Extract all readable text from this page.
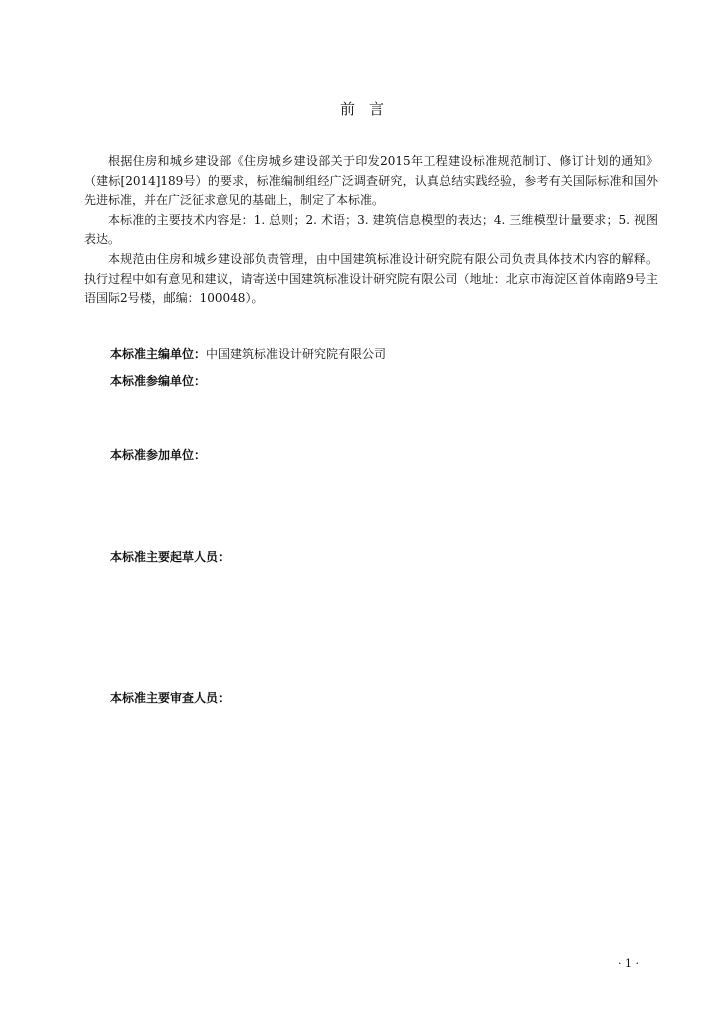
前言

根据住房和城乡建设部《住房城乡建设部关于印发2015年工程建设标准规范制订、修订计划的通知》（建标[2014]189号）的要求，标准编制组经广泛调查研究，认真总结实践经验，参考有关国际标准和国外先进标准，并在广泛征求意见的基础上，制定了本标准。

本标准的主要技术内容是：1. 总则；2. 术语；3. 建筑信息模型的表达；4. 三维模型计量要求；5. 视图表达。

本规范由住房和城乡建设部负责管理，由中国建筑标准设计研究院有限公司负责具体技术内容的解释。执行过程中如有意见和建议，请寄送中国建筑标准设计研究院有限公司（地址：北京市海淀区首体南路9号主语国际2号楼，邮编：100048）。

本标准主编单位：中国建筑标准设计研究院有限公司
本标准参编单位：
本标准参加单位：
本标准主要起草人员：
本标准主要审查人员：
· 1 ·
